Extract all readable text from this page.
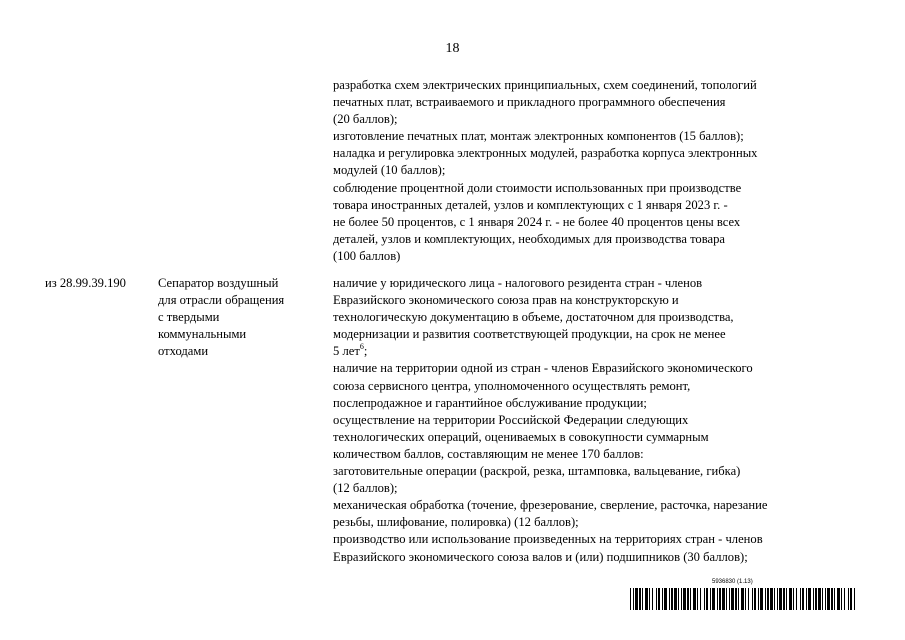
18
разработка схем электрических принципиальных, схем соединений, топологий
печатных плат, встраиваемого и прикладного программного обеспечения
(20 баллов);
изготовление печатных плат, монтаж электронных компонентов (15 баллов);
наладка и регулировка электронных модулей, разработка корпуса электронных
модулей (10 баллов);
соблюдение процентной доли стоимости использованных при производстве
товара иностранных деталей, узлов и комплектующих с 1 января 2023 г. -
не более 50 процентов, с 1 января 2024 г. - не более 40 процентов цены всех
деталей, узлов и комплектующих, необходимых для производства товара
(100 баллов)
из 28.99.39.190	Сепаратор воздушный
для отрасли обращения
с твердыми
коммунальными
отходами
наличие у юридического лица - налогового резидента стран - членов
Евразийского экономического союза прав на конструкторскую и
технологическую документацию в объеме, достаточном для производства,
модернизации и развития соответствующей продукции, на срок не менее
5 лет$^6$;
наличие на территории одной из стран - членов Евразийского экономического
союза сервисного центра, уполномоченного осуществлять ремонт,
послепродажное и гарантийное обслуживание продукции;
осуществление на территории Российской Федерации следующих
технологических операций, оцениваемых в совокупности суммарным
количеством баллов, составляющим не менее 170 баллов:
заготовительные операции (раскрой, резка, штамповка, вальцевание, гибка)
(12 баллов);
механическая обработка (точение, фрезерование, сверление, расточка, нарезание
резьбы, шлифование, полировка) (12 баллов);
производство или использование произведенных на территориях стран - членов
Евразийского экономического союза валов и (или) подшипников (30 баллов);
5936830 (1.13)
